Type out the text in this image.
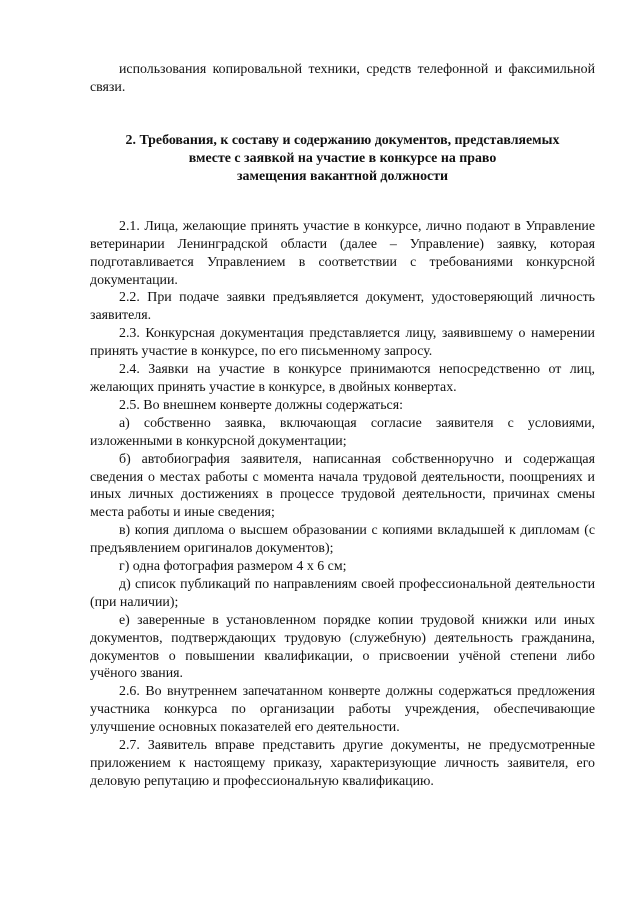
использования копировальной техники, средств телефонной и факсимильной связи.

2. Требования, к составу и содержанию документов, представляемых
вместе с заявкой на участие в конкурсе на право
замещения вакантной должности

2.1. Лица, желающие принять участие в конкурсе, лично подают в Управление ветеринарии Ленинградской области (далее – Управление) заявку, которая подготавливается Управлением в соответствии с требованиями конкурсной документации.

2.2. При подаче заявки предъявляется документ, удостоверяющий личность заявителя.

2.3. Конкурсная документация представляется лицу, заявившему о намерении принять участие в конкурсе, по его письменному запросу.

2.4. Заявки на участие в конкурсе принимаются непосредственно от лиц, желающих принять участие в конкурсе, в двойных конвертах.

2.5. Во внешнем конверте должны содержаться:

а) собственно заявка, включающая согласие заявителя с условиями, изложенными в конкурсной документации;

б) автобиография заявителя, написанная собственноручно и содержащая сведения о местах работы с момента начала трудовой деятельности, поощрениях и иных личных достижениях в процессе трудовой деятельности, причинах смены места работы и иные сведения;

в) копия диплома о высшем образовании с копиями вкладышей к дипломам (с предъявлением оригиналов документов);

г) одна фотография размером 4 х 6 см;

д) список публикаций по направлениям своей профессиональной деятельности (при наличии);

е) заверенные в установленном порядке копии трудовой книжки или иных документов, подтверждающих трудовую (служебную) деятельность гражданина, документов о повышении квалификации, о присвоении учёной степени либо учёного звания.

2.6. Во внутреннем запечатанном конверте должны содержаться предложения участника конкурса по организации работы учреждения, обеспечивающие улучшение основных показателей его деятельности.

2.7. Заявитель вправе представить другие документы, не предусмотренные приложением к настоящему приказу, характеризующие личность заявителя, его деловую репутацию и профессиональную квалификацию.
